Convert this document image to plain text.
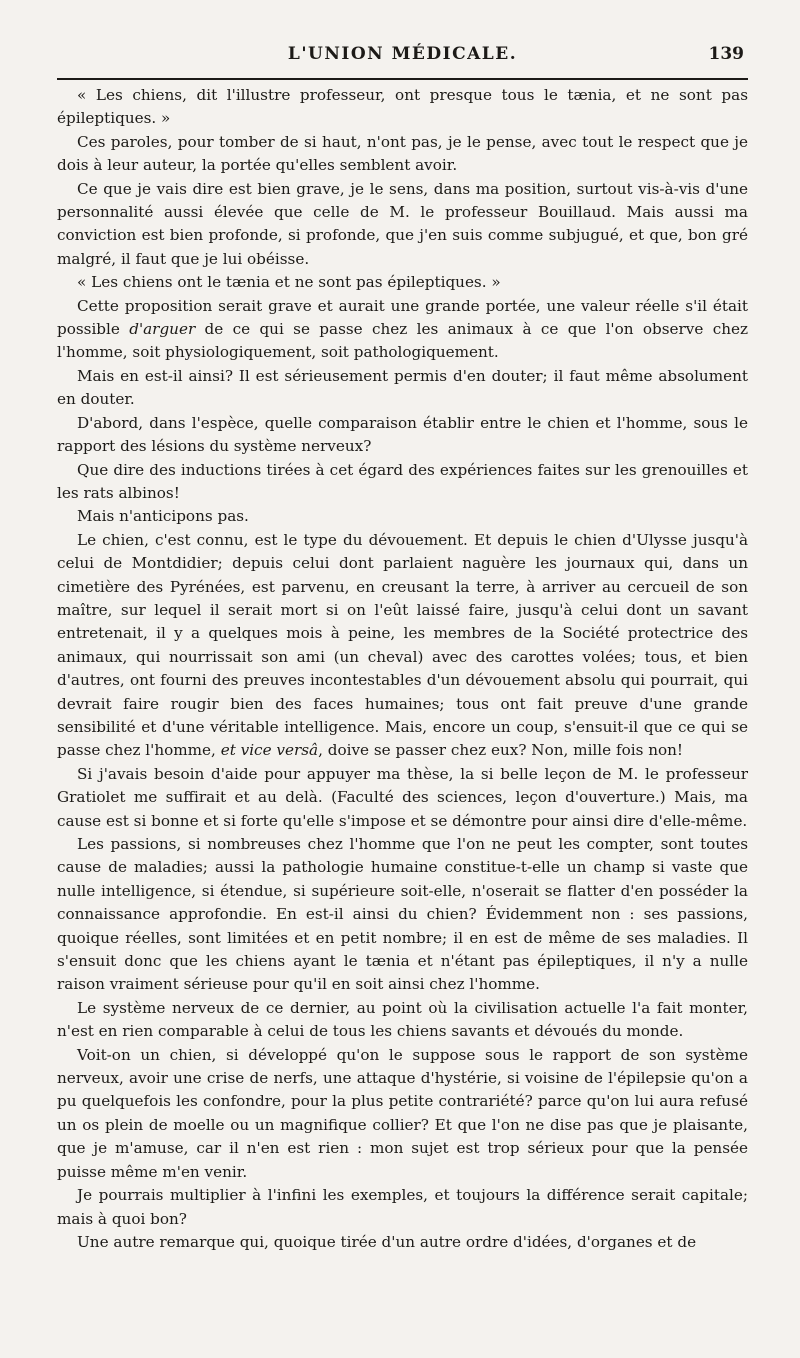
L'UNION MÉDICALE.	139

« Les chiens, dit l'illustre professeur, ont presque tous le tænia, et ne sont pas épileptiques. »

Ces paroles, pour tomber de si haut, n'ont pas, je le pense, avec tout le respect que je dois à leur auteur, la portée qu'elles semblent avoir.

Ce que je vais dire est bien grave, je le sens, dans ma position, surtout vis-à-vis d'une personnalité aussi élevée que celle de M. le professeur Bouillaud. Mais aussi ma conviction est bien profonde, si profonde, que j'en suis comme subjugué, et que, bon gré malgré, il faut que je lui obéisse.

« Les chiens ont le tænia et ne sont pas épileptiques. »

Cette proposition serait grave et aurait une grande portée, une valeur réelle s'il était possible d'arguer de ce qui se passe chez les animaux à ce que l'on observe chez l'homme, soit physiologiquement, soit pathologiquement.

Mais en est-il ainsi? Il est sérieusement permis d'en douter; il faut même absolument en douter.

D'abord, dans l'espèce, quelle comparaison établir entre le chien et l'homme, sous le rapport des lésions du système nerveux?

Que dire des inductions tirées à cet égard des expériences faites sur les grenouilles et les rats albinos!

Mais n'anticipons pas.

Le chien, c'est connu, est le type du dévouement. Et depuis le chien d'Ulysse jusqu'à celui de Montdidier; depuis celui dont parlaient naguère les journaux qui, dans un cimetière des Pyrénées, est parvenu, en creusant la terre, à arriver au cercueil de son maître, sur lequel il serait mort si on l'eût laissé faire, jusqu'à celui dont un savant entretenait, il y a quelques mois à peine, les membres de la Société protectrice des animaux, qui nourrissait son ami (un cheval) avec des carottes volées; tous, et bien d'autres, ont fourni des preuves incontestables d'un dévouement absolu qui pourrait, qui devrait faire rougir bien des faces humaines; tous ont fait preuve d'une grande sensibilité et d'une véritable intelligence. Mais, encore un coup, s'ensuit-il que ce qui se passe chez l'homme, et vice versâ, doive se passer chez eux? Non, mille fois non!

Si j'avais besoin d'aide pour appuyer ma thèse, la si belle leçon de M. le professeur Gratiolet me suffirait et au delà. (Faculté des sciences, leçon d'ouverture.) Mais, ma cause est si bonne et si forte qu'elle s'impose et se démontre pour ainsi dire d'elle-même.

Les passions, si nombreuses chez l'homme que l'on ne peut les compter, sont toutes cause de maladies; aussi la pathologie humaine constitue-t-elle un champ si vaste que nulle intelligence, si étendue, si supérieure soit-elle, n'oserait se flatter d'en posséder la connaissance approfondie. En est-il ainsi du chien? Évidemment non : ses passions, quoique réelles, sont limitées et en petit nombre; il en est de même de ses maladies. Il s'ensuit donc que les chiens ayant le tænia et n'étant pas épileptiques, il n'y a nulle raison vraiment sérieuse pour qu'il en soit ainsi chez l'homme.

Le système nerveux de ce dernier, au point où la civilisation actuelle l'a fait monter, n'est en rien comparable à celui de tous les chiens savants et dévoués du monde.

Voit-on un chien, si développé qu'on le suppose sous le rapport de son système nerveux, avoir une crise de nerfs, une attaque d'hystérie, si voisine de l'épilepsie qu'on a pu quelquefois les confondre, pour la plus petite contrariété? parce qu'on lui aura refusé un os plein de moelle ou un magnifique collier? Et que l'on ne dise pas que je plaisante, que je m'amuse, car il n'en est rien : mon sujet est trop sérieux pour que la pensée puisse même m'en venir.

Je pourrais multiplier à l'infini les exemples, et toujours la différence serait capitale; mais à quoi bon?

Une autre remarque qui, quoique tirée d'un autre ordre d'idées, d'organes et de
